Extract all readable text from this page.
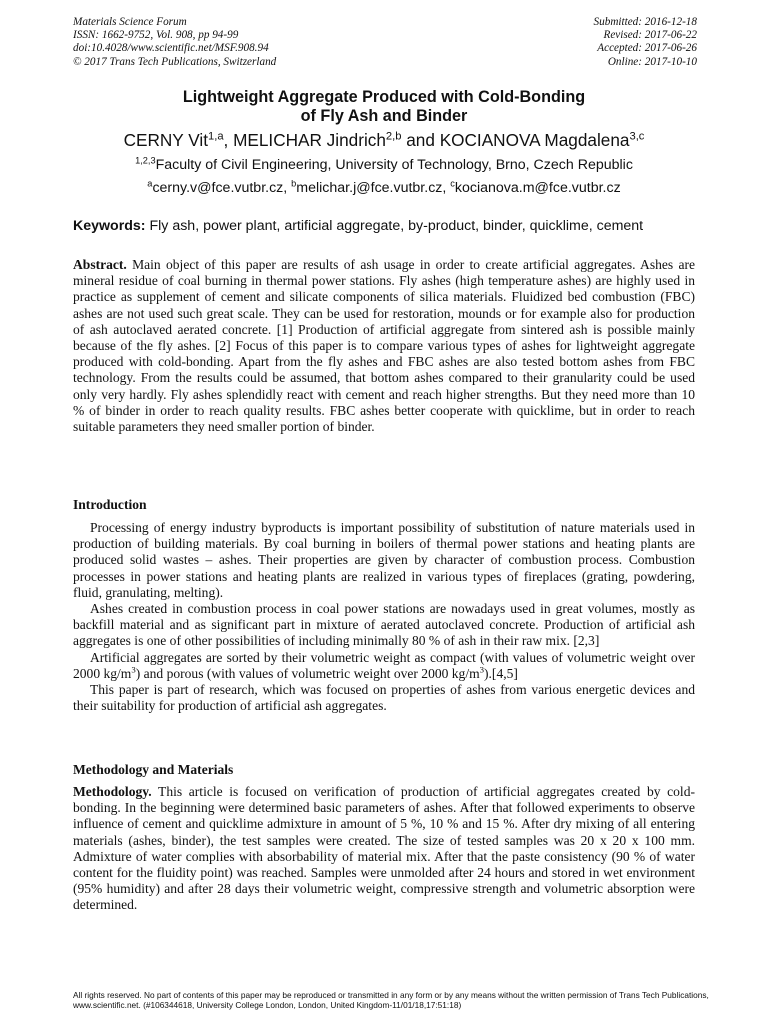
Materials Science Forum
ISSN: 1662-9752, Vol. 908, pp 94-99
doi:10.4028/www.scientific.net/MSF.908.94
© 2017 Trans Tech Publications, Switzerland
Submitted: 2016-12-18
Revised: 2017-06-22
Accepted: 2017-06-26
Online: 2017-10-10
Lightweight Aggregate Produced with Cold-Bonding
of Fly Ash and Binder
CERNY Vit$^{1,a}$, MELICHAR Jindrich$^{2,b}$ and KOCIANOVA Magdalena$^{3,c}$
$^{1,2,3}$Faculty of Civil Engineering, University of Technology, Brno, Czech Republic
$^a$cerny.v@fce.vutbr.cz, $^b$melichar.j@fce.vutbr.cz, $^c$kocianova.m@fce.vutbr.cz
Keywords: Fly ash, power plant, artificial aggregate, by-product, binder, quicklime, cement
Abstract. Main object of this paper are results of ash usage in order to create artificial aggregates. Ashes are mineral residue of coal burning in thermal power stations. Fly ashes (high temperature ashes) are highly used in practice as supplement of cement and silicate components of silica materials. Fluidized bed combustion (FBC) ashes are not used such great scale. They can be used for restoration, mounds or for example also for production of ash autoclaved aerated concrete. [1] Production of artificial aggregate from sintered ash is possible mainly because of the fly ashes. [2] Focus of this paper is to compare various types of ashes for lightweight aggregate produced with cold-bonding. Apart from the fly ashes and FBC ashes are also tested bottom ashes from FBC technology. From the results could be assumed, that bottom ashes compared to their granularity could be used only very hardly. Fly ashes splendidly react with cement and reach higher strengths. But they need more than 10 % of binder in order to reach quality results. FBC ashes better cooperate with quicklime, but in order to reach suitable parameters they need smaller portion of binder.
Introduction

Processing of energy industry byproducts is important possibility of substitution of nature materials used in production of building materials. By coal burning in boilers of thermal power stations and heating plants are produced solid wastes – ashes. Their properties are given by character of combustion process. Combustion processes in power stations and heating plants are realized in various types of fireplaces (grating, powdering, fluid, granulating, melting).

Ashes created in combustion process in coal power stations are nowadays used in great volumes, mostly as backfill material and as significant part in mixture of aerated autoclaved concrete. Production of artificial ash aggregates is one of other possibilities of including minimally 80 % of ash in their raw mix. [2,3]

Artificial aggregates are sorted by their volumetric weight as compact (with values of volumetric weight over 2000 $kg/m^3$) and porous (with values of volumetric weight over 2000 $kg/m^3).[4,5]$

This paper is part of research, which was focused on properties of ashes from various energetic devices and their suitability for production of artificial ash aggregates.

Methodology and Materials
Methodology. This article is focused on verification of production of artificial aggregates created by cold-bonding. In the beginning were determined basic parameters of ashes. After that followed experiments to observe influence of cement and quicklime admixture in amount of 5 %, 10 % and 15 %. After dry mixing of all entering materials (ashes, binder), the test samples were created. The size of tested samples was 20 x 20 x 100 mm. Admixture of water complies with absorbability of material mix. After that the paste consistency (90 % of water content for the fluidity point) was reached. Samples were unmolded after 24 hours and stored in wet environment (95% humidity) and after 28 days their volumetric weight, compressive strength and volumetric absorption were determined.
All rights reserved. No part of contents of this paper may be reproduced or transmitted in any form or by any means without the written permission of Trans Tech Publications, www.scientific.net. (#106344618, University College London, London, United Kingdom-11/01/18,17:51:18)
